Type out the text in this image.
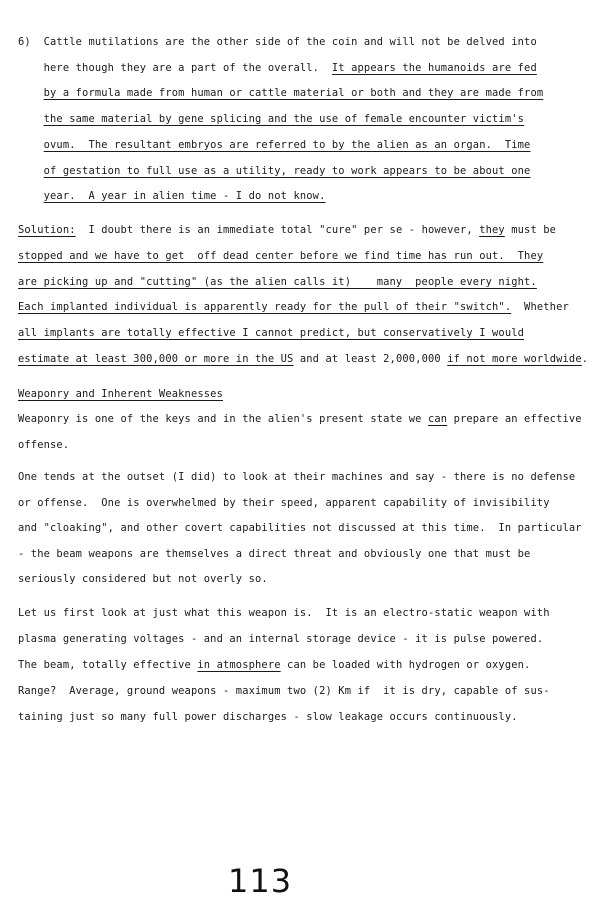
6)  Cattle mutilations are the other side of the coin and will not be delved into
here though they are a part of the overall.  It appears the humanoids are fed
by a formula made from human or cattle material or both and they are made from
the same material by gene splicing and the use of female encounter victim's
ovum.  The resultant embryos are referred to by the alien as an organ.  Time
of gestation to full use as a utility, ready to work appears to be about one
year.  A year in alien time - I do not know.
Solution:  I doubt there is an immediate total "cure" per se - however, they must be
stopped and we have to get  off dead center before we find time has run out.  They
are picking up and "cutting" (as the alien calls it)    many  people every night.
Each implanted individual is apparently ready for the pull of their "switch".  Whether
all implants are totally effective I cannot predict, but conservatively I would
estimate at least 300,000 or more in the US and at least 2,000,000 if not more worldwide.
Weaponry and Inherent Weaknesses
Weaponry is one of the keys and in the alien's present state we can prepare an effective
offense.
One tends at the outset (I did) to look at their machines and say - there is no defense
or offense.  One is overwhelmed by their speed, apparent capability of invisibility
and "cloaking", and other covert capabilities not discussed at this time.  In particular
- the beam weapons are themselves a direct threat and obviously one that must be
seriously considered but not overly so.
Let us first look at just what this weapon is.  It is an electro-static weapon with
plasma generating voltages - and an internal storage device - it is pulse powered.
The beam, totally effective in atmosphere can be loaded with hydrogen or oxygen.
Range?  Average, ground weapons - maximum two (2) Km if  it is dry, capable of sus-
taining just so many full power discharges - slow leakage occurs continuously.
113
